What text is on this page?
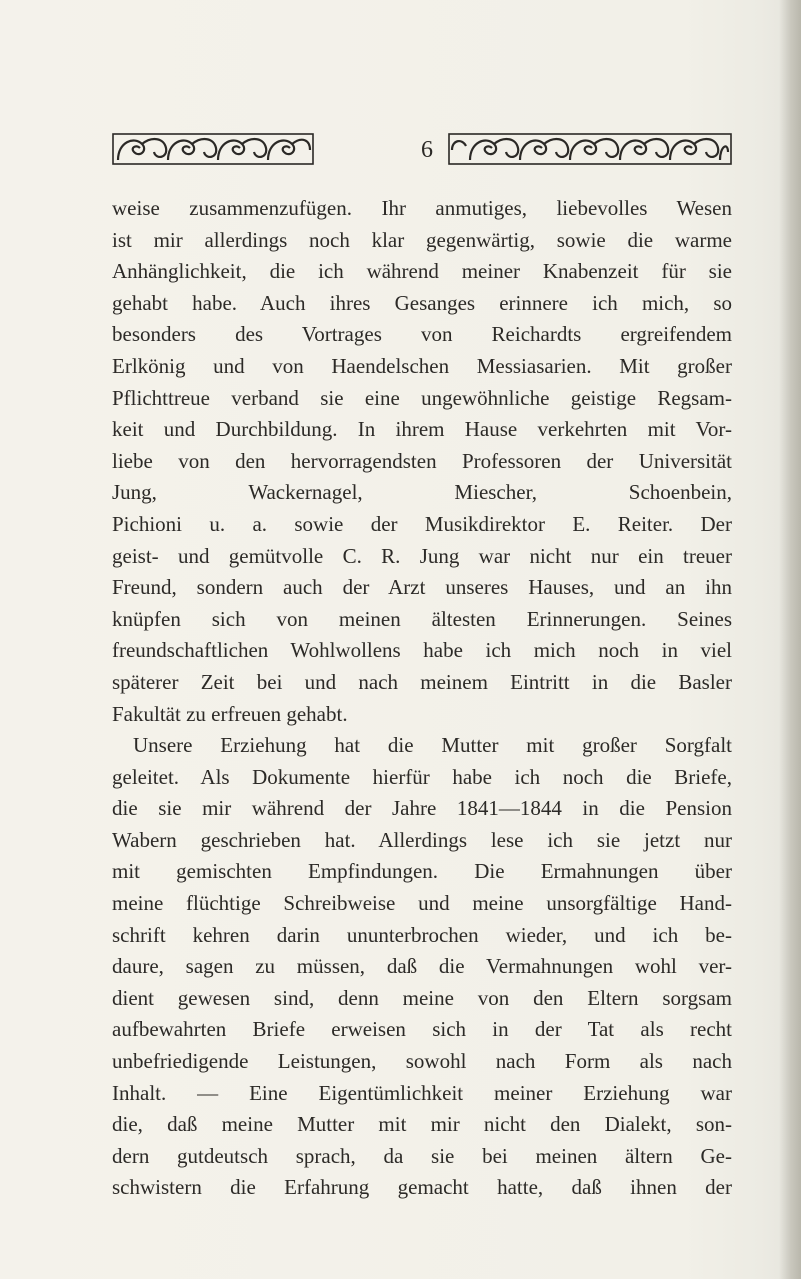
6
weise zusammenzufügen. Ihr anmutiges, liebevolles Wesen
ist mir allerdings noch klar gegenwärtig, sowie die warme
Anhänglichkeit, die ich während meiner Knabenzeit für sie
gehabt habe. Auch ihres Gesanges erinnere ich mich, so
besonders des Vortrages von Reichardts ergreifendem
Erlkönig und von Haendelschen Messiasarien. Mit großer
Pflichttreue verband sie eine ungewöhnliche geistige Regsam-
keit und Durchbildung. In ihrem Hause verkehrten mit Vor-
liebe von den hervorragendsten Professoren der Universität
Jung, Wackernagel, Miescher, Schoenbein,
Pichioni u. a. sowie der Musikdirektor E. Reiter. Der
geist- und gemütvolle C. R. Jung war nicht nur ein treuer
Freund, sondern auch der Arzt unseres Hauses, und an ihn
knüpfen sich von meinen ältesten Erinnerungen. Seines
freundschaftlichen Wohlwollens habe ich mich noch in viel
späterer Zeit bei und nach meinem Eintritt in die Basler
Fakultät zu erfreuen gehabt.
Unsere Erziehung hat die Mutter mit großer Sorgfalt
geleitet. Als Dokumente hierfür habe ich noch die Briefe,
die sie mir während der Jahre 1841—1844 in die Pension
Wabern geschrieben hat. Allerdings lese ich sie jetzt nur
mit gemischten Empfindungen. Die Ermahnungen über
meine flüchtige Schreibweise und meine unsorgfältige Hand-
schrift kehren darin ununterbrochen wieder, und ich be-
daure, sagen zu müssen, daß die Vermahnungen wohl ver-
dient gewesen sind, denn meine von den Eltern sorgsam
aufbewahrten Briefe erweisen sich in der Tat als recht
unbefriedigende Leistungen, sowohl nach Form als nach
Inhalt. — Eine Eigentümlichkeit meiner Erziehung war
die, daß meine Mutter mit mir nicht den Dialekt, son-
dern gutdeutsch sprach, da sie bei meinen ältern Ge-
schwistern die Erfahrung gemacht hatte, daß ihnen der
